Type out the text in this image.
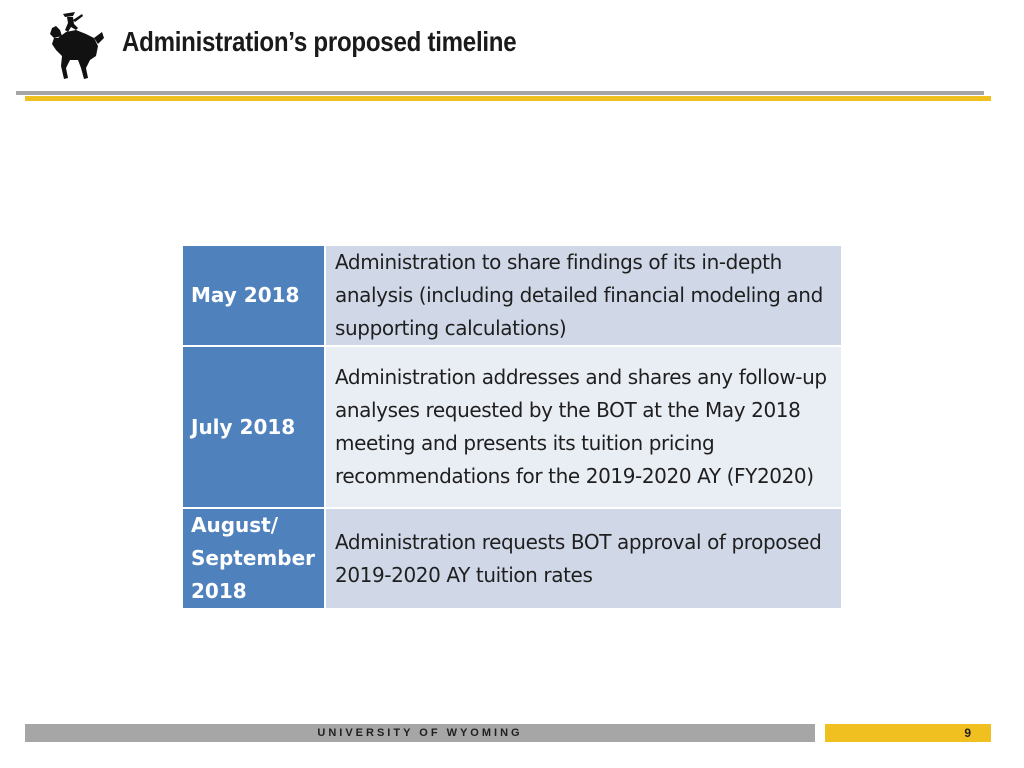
Administration’s proposed timeline
May 2018	Administration to share findings of its in-depth analysis (including detailed financial modeling and supporting calculations)
July 2018	Administration addresses and shares any follow-up analyses requested by the BOT at the May 2018 meeting and presents its tuition pricing recommendations for the 2019-2020 AY (FY2020)
August/ September 2018	Administration requests BOT approval of proposed 2019-2020 AY tuition rates
UNIVERSITY OF WYOMING	9
